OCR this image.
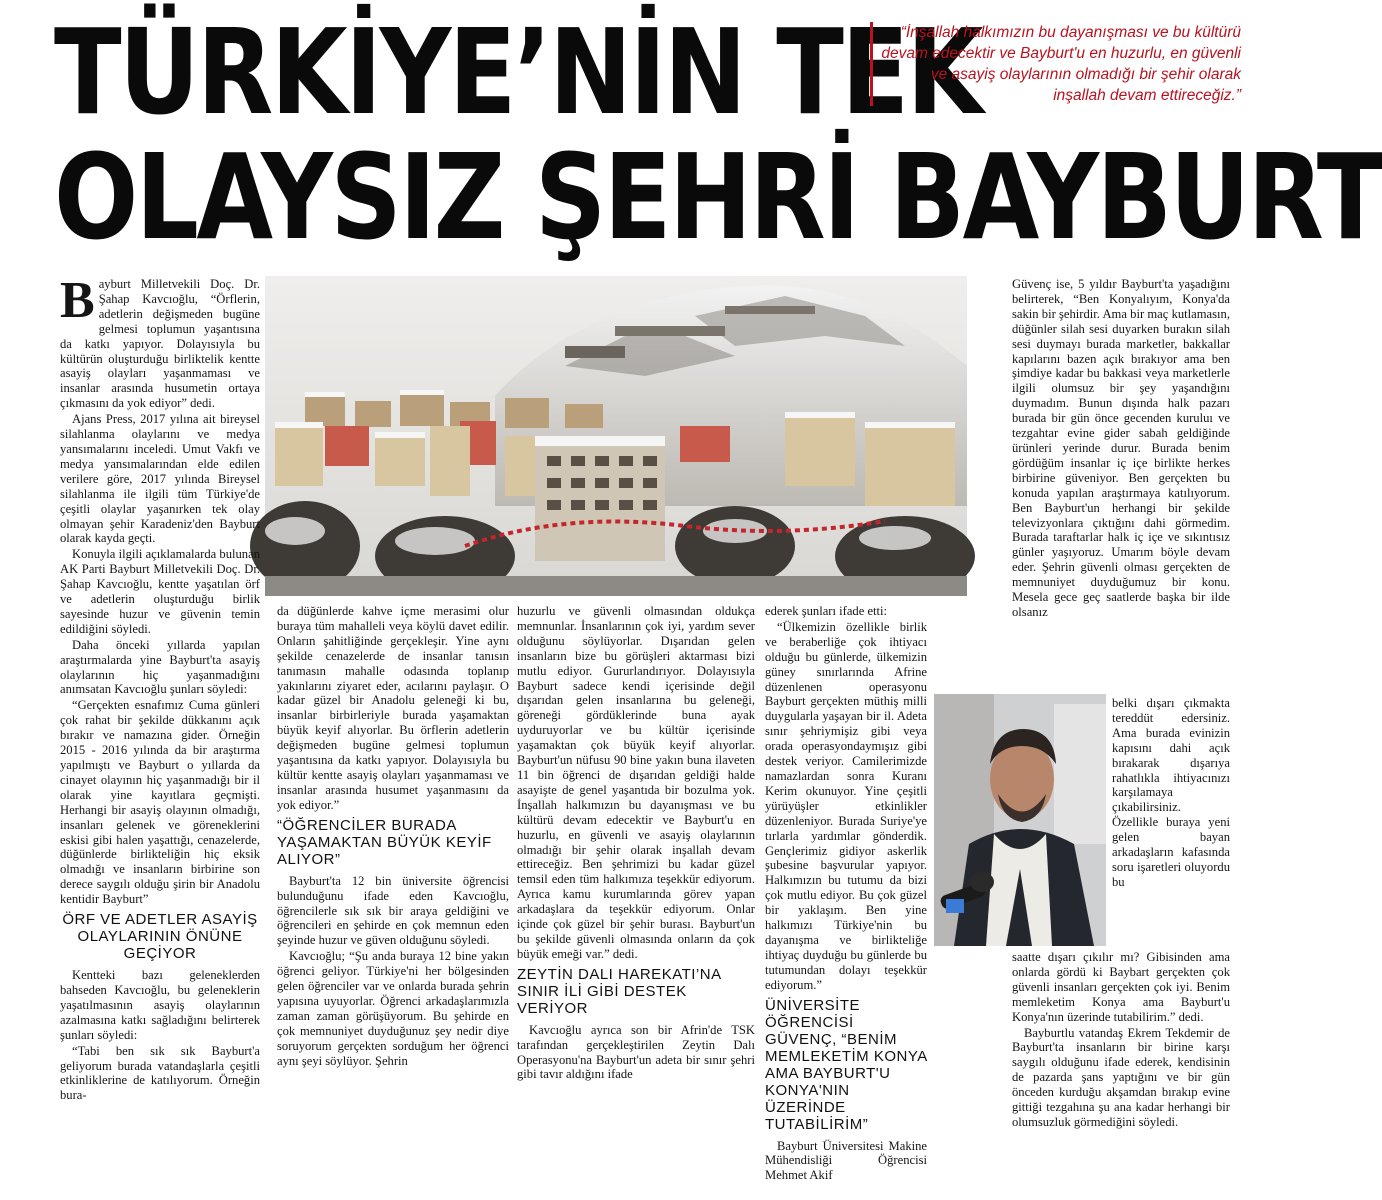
TÜRKİYE’NİN TEK
OLAYSIZ ŞEHRİ BAYBURT
“İnşallah halkımızın bu dayanışması ve bu kültürü devam edecektir ve Bayburt'u en huzurlu, en güvenli ve asayiş olaylarının olmadığı bir şehir olarak inşallah devam ettireceğiz.”

Bayburt Milletvekili Doç. Dr. Şahap Kavcıoğlu, “Örflerin, adetlerin değişmeden bugüne gelmesi toplumun yaşantısına da katkı yapıyor. Dolayısıyla bu kültürün oluşturduğu birliktelik kentte asayiş olayları yaşanmaması ve insanlar arasında husumetin ortaya çıkmasını da yok ediyor” dedi.

Ajans Press, 2017 yılına ait bireysel silahlanma olaylarını ve medya yansımalarını inceledi. Umut Vakfı ve medya yansımalarından elde edilen verilere göre, 2017 yılında Bireysel silahlanma ile ilgili tüm Türkiye'de çeşitli olaylar yaşanırken tek olay olmayan şehir Karadeniz'den Bayburt olarak kayda geçti.

Konuyla ilgili açıklamalarda bulunan AK Parti Bayburt Milletvekili Doç. Dr. Şahap Kavcıoğlu, kentte yaşatılan örf ve adetlerin oluşturduğu birlik sayesinde huzur ve güvenin temin edildiğini söyledi.

Daha önceki yıllarda yapılan araştırmalarda yine Bayburt'ta asayiş olaylarının hiç yaşanmadığını anımsatan Kavcıoğlu şunları söyledi:

“Gerçekten esnafımız Cuma günleri çok rahat bir şekilde dükkanını açık bırakır ve namazına gider. Örneğin 2015 - 2016 yılında da bir araştırma yapılmıştı ve Bayburt o yıllarda da cinayet olayının hiç yaşanmadığı bir il olarak yine kayıtlara geçmişti. Herhangi bir asayiş olayının olmadığı, insanları gelenek ve göreneklerini eskisi gibi halen yaşattığı, cenazelerde, düğünlerde birlikteliğin hiç eksik olmadığı ve insanların birbirine son derece saygılı olduğu şirin bir Anadolu kentidir Bayburt”

ÖRF VE ADETLER ASAYİŞ OLAYLARININ ÖNÜNE GEÇİYOR

Kentteki bazı geleneklerden bahseden Kavcıoğlu, bu geleneklerin yaşatılmasının asayiş olaylarının azalmasına katkı sağladığını belirterek şunları söyledi:

“Tabi ben sık sık Bayburt'a geliyorum burada vatandaşlarla çeşitli etkinliklerine de katılıyorum. Örneğin bura-

da düğünlerde kahve içme merasimi olur buraya tüm mahalleli veya köylü davet edilir. Onların şahitliğinde gerçekleşir. Yine aynı şekilde cenazelerde de insanlar tanısın tanımasın mahalle odasında toplanıp yakınlarını ziyaret eder, acılarını paylaşır. O kadar güzel bir Anadolu geleneği ki bu, insanlar birbirleriyle burada yaşamaktan büyük keyif alıyorlar. Bu örflerin adetlerin değişmeden bugüne gelmesi toplumun yaşantısına da katkı yapıyor. Dolayısıyla bu kültür kentte asayiş olayları yaşanmaması ve insanlar arasında husumet yaşanmasını da yok ediyor.”

“ÖĞRENCİLER BURADA YAŞAMAKTAN BÜYÜK KEYİF ALIYOR”

Bayburt'ta 12 bin üniversite öğrencisi bulunduğunu ifade eden Kavcıoğlu, öğrencilerle sık sık bir araya geldiğini ve öğrencileri en şehirde en çok memnun eden şeyinde huzur ve güven olduğunu söyledi.

Kavcıoğlu; “Şu anda buraya 12 bine yakın öğrenci geliyor. Türkiye'ni her bölgesinden gelen öğrenciler var ve onlarda burada şehrin yapısına uyuyorlar. Öğrenci arkadaşlarımızla zaman zaman görüşüyorum. Bu şehirde en çok memnuniyet duyduğunuz şey nedir diye soruyorum gerçekten sorduğum her öğrenci aynı şeyi söylüyor. Şehrin

huzurlu ve güvenli olmasından oldukça memnunlar. İnsanlarının çok iyi, yardım sever olduğunu söylüyorlar. Dışarıdan gelen insanların bize bu görüşleri aktarması bizi mutlu ediyor. Gururlandırıyor. Dolayısıyla Bayburt sadece kendi içerisinde değil dışarıdan gelen insanlarına bu geleneği, göreneği gördüklerinde buna ayak uyduruyorlar ve bu kültür içerisinde yaşamaktan çok büyük keyif alıyorlar. Bayburt'un nüfusu 90 bine yakın buna ilaveten 11 bin öğrenci de dışarıdan geldiği halde asayişte de genel yaşantıda bir bozulma yok. İnşallah halkımızın bu dayanışması ve bu kültürü devam edecektir ve Bayburt'u en huzurlu, en güvenli ve asayiş olaylarının olmadığı bir şehir olarak inşallah devam ettireceğiz. Ben şehrimizi bu kadar güzel temsil eden tüm halkımıza teşekkür ediyorum. Ayrıca kamu kurumlarında görev yapan arkadaşlara da teşekkür ediyorum. Onlar içinde çok güzel bir şehir burası. Bayburt'un bu şekilde güvenli olmasında onların da çok büyük emeği var.” dedi.

ZEYTİN DALI HAREKATI’NA SINIR İLİ GİBİ DESTEK VERİYOR

Kavcıoğlu ayrıca son bir Afrin'de TSK tarafından gerçekleştirilen Zeytin Dalı Operasyonu'na Bayburt'un adeta bir sınır şehri gibi tavır aldığını ifade

ederek şunları ifade etti:

“Ülkemizin özellikle birlik ve beraberliğe çok ihtiyacı olduğu bu günlerde, ülkemizin güney sınırlarında Afrine düzenlenen operasyonu Bayburt gerçekten müthiş milli duygularla yaşayan bir il. Adeta sınır şehriymişiz gibi veya orada operasyondaymışız gibi destek veriyor. Camilerimizde namazlardan sonra Kuranı Kerim okunuyor. Yine çeşitli yürüyüşler etkinlikler düzenleniyor. Burada Suriye'ye tırlarla yardımlar gönderdik. Gençlerimiz gidiyor askerlik şubesine başvurular yapıyor. Halkımızın bu tutumu da bizi çok mutlu ediyor. Bu çok güzel bir yaklaşım. Ben yine halkımızı Türkiye'nin bu dayanışma ve birlikteliğe ihtiyaç duyduğu bu günlerde bu tutumundan dolayı teşekkür ediyorum.”

ÜNİVERSİTE ÖĞRENCİSİ GÜVENÇ, “BENİM MEMLEKETİM KONYA AMA BAYBURT'U KONYA'NIN ÜZERİNDE TUTABİLİRİM”

Bayburt Üniversitesi Makine Mühendisliği Öğrencisi Mehmet Akif

Güvenç ise, 5 yıldır Bayburt'ta yaşadığını belirterek, “Ben Konyalıyım, Konya'da sakin bir şehirdir. Ama bir maç kutlamasın, düğünler silah sesi duyarken burakın silah sesi duymayı burada marketler, bakkallar kapılarını bazen açık bırakıyor ama ben şimdiye kadar bu bakkasi veya marketlerle ilgili olumsuz bir şey yaşandığını duymadım. Bunun dışında halk pazarı burada bir gün önce gecenden kuruluı ve tezgahtar evine gider sabah geldiğinde ürünleri yerinde durur. Burada benim gördüğüm insanlar iç içe birlikte herkes birbirine güveniyor. Ben gerçekten bu konuda yapılan araştırmaya katılıyorum. Ben Bayburt'un herhangi bir şekilde televizyonlara çıktığını dahi görmedim. Burada taraftarlar halk iç içe ve sıkıntısız günler yaşıyoruz. Umarım böyle devam eder. Şehrin güvenli olması gerçekten de memnuniyet duyduğumuz bir konu. Mesela gece geç saatlerde başka bir ilde olsanız

belki dışarı çıkmakta tereddüt edersiniz. Ama burada evinizin kapısını dahi açık bırakarak dışarıya rahatlıkla ihtiyacınızı karşılamaya çıkabilirsiniz. Özellikle buraya yeni gelen bayan arkadaşların kafasında soru işaretleri oluyordu bu

saatte dışarı çıkılır mı? Gibisinden ama onlarda gördü ki Baybart gerçekten çok güvenli insanları gerçekten çok iyi. Benim memleketim Konya ama Bayburt'u Konya'nın üzerinde tutabilirim.” dedi.

Bayburtlu vatandaş Ekrem Tekdemir de Bayburt'ta insanların bir birine karşı saygılı olduğunu ifade ederek, kendisinin de pazarda şans yaptığını ve bir gün önceden kurduğu akşamdan bırakıp evine gittiği tezgahına şu ana kadar herhangi bir olumsuzluk görmediğini söyledi.
